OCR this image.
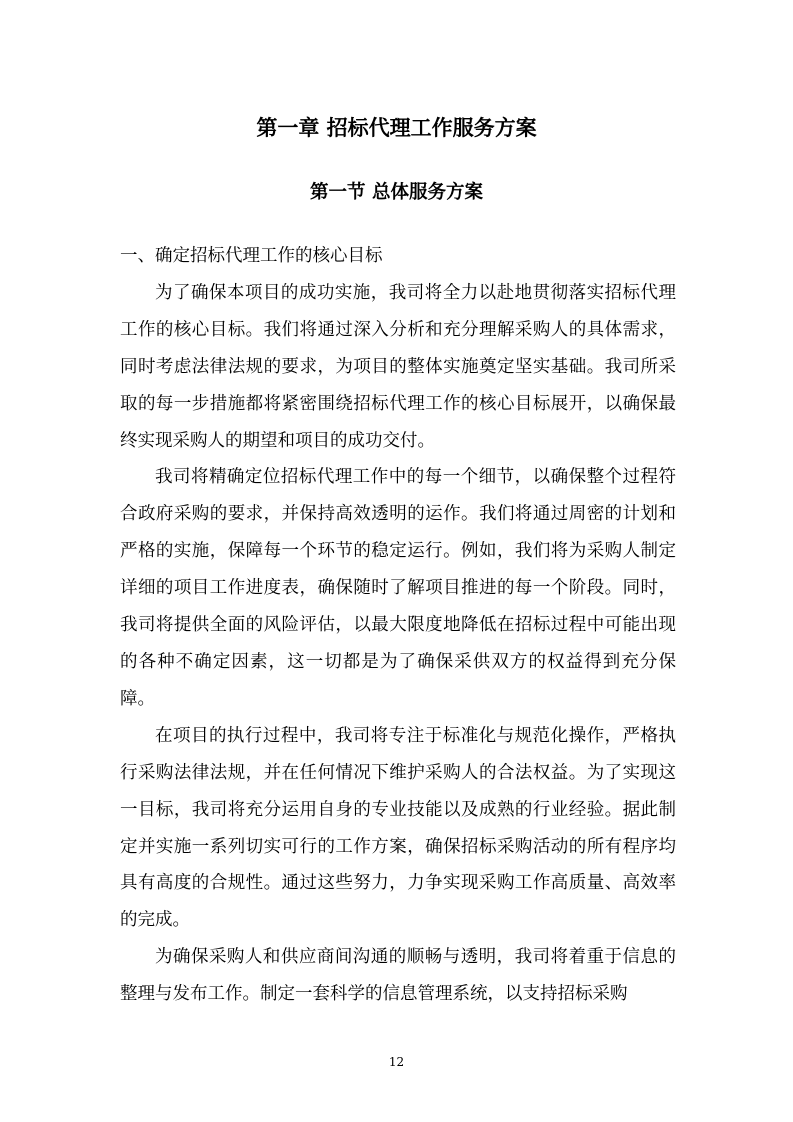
第一章 招标代理工作服务方案
第一节 总体服务方案

一、确定招标代理工作的核心目标

为了确保本项目的成功实施，我司将全力以赴地贯彻落实招标代理工作的核心目标。我们将通过深入分析和充分理解采购人的具体需求，同时考虑法律法规的要求，为项目的整体实施奠定坚实基础。我司所采取的每一步措施都将紧密围绕招标代理工作的核心目标展开，以确保最终实现采购人的期望和项目的成功交付。

我司将精确定位招标代理工作中的每一个细节，以确保整个过程符合政府采购的要求，并保持高效透明的运作。我们将通过周密的计划和严格的实施，保障每一个环节的稳定运行。例如，我们将为采购人制定详细的项目工作进度表，确保随时了解项目推进的每一个阶段。同时，我司将提供全面的风险评估，以最大限度地降低在招标过程中可能出现的各种不确定因素，这一切都是为了确保采供双方的权益得到充分保障。

在项目的执行过程中，我司将专注于标准化与规范化操作，严格执行采购法律法规，并在任何情况下维护采购人的合法权益。为了实现这一目标，我司将充分运用自身的专业技能以及成熟的行业经验。据此制定并实施一系列切实可行的工作方案，确保招标采购活动的所有程序均具有高度的合规性。通过这些努力，力争实现采购工作高质量、高效率的完成。

为确保采购人和供应商间沟通的顺畅与透明，我司将着重于信息的整理与发布工作。制定一套科学的信息管理系统，以支持招标采购

12
